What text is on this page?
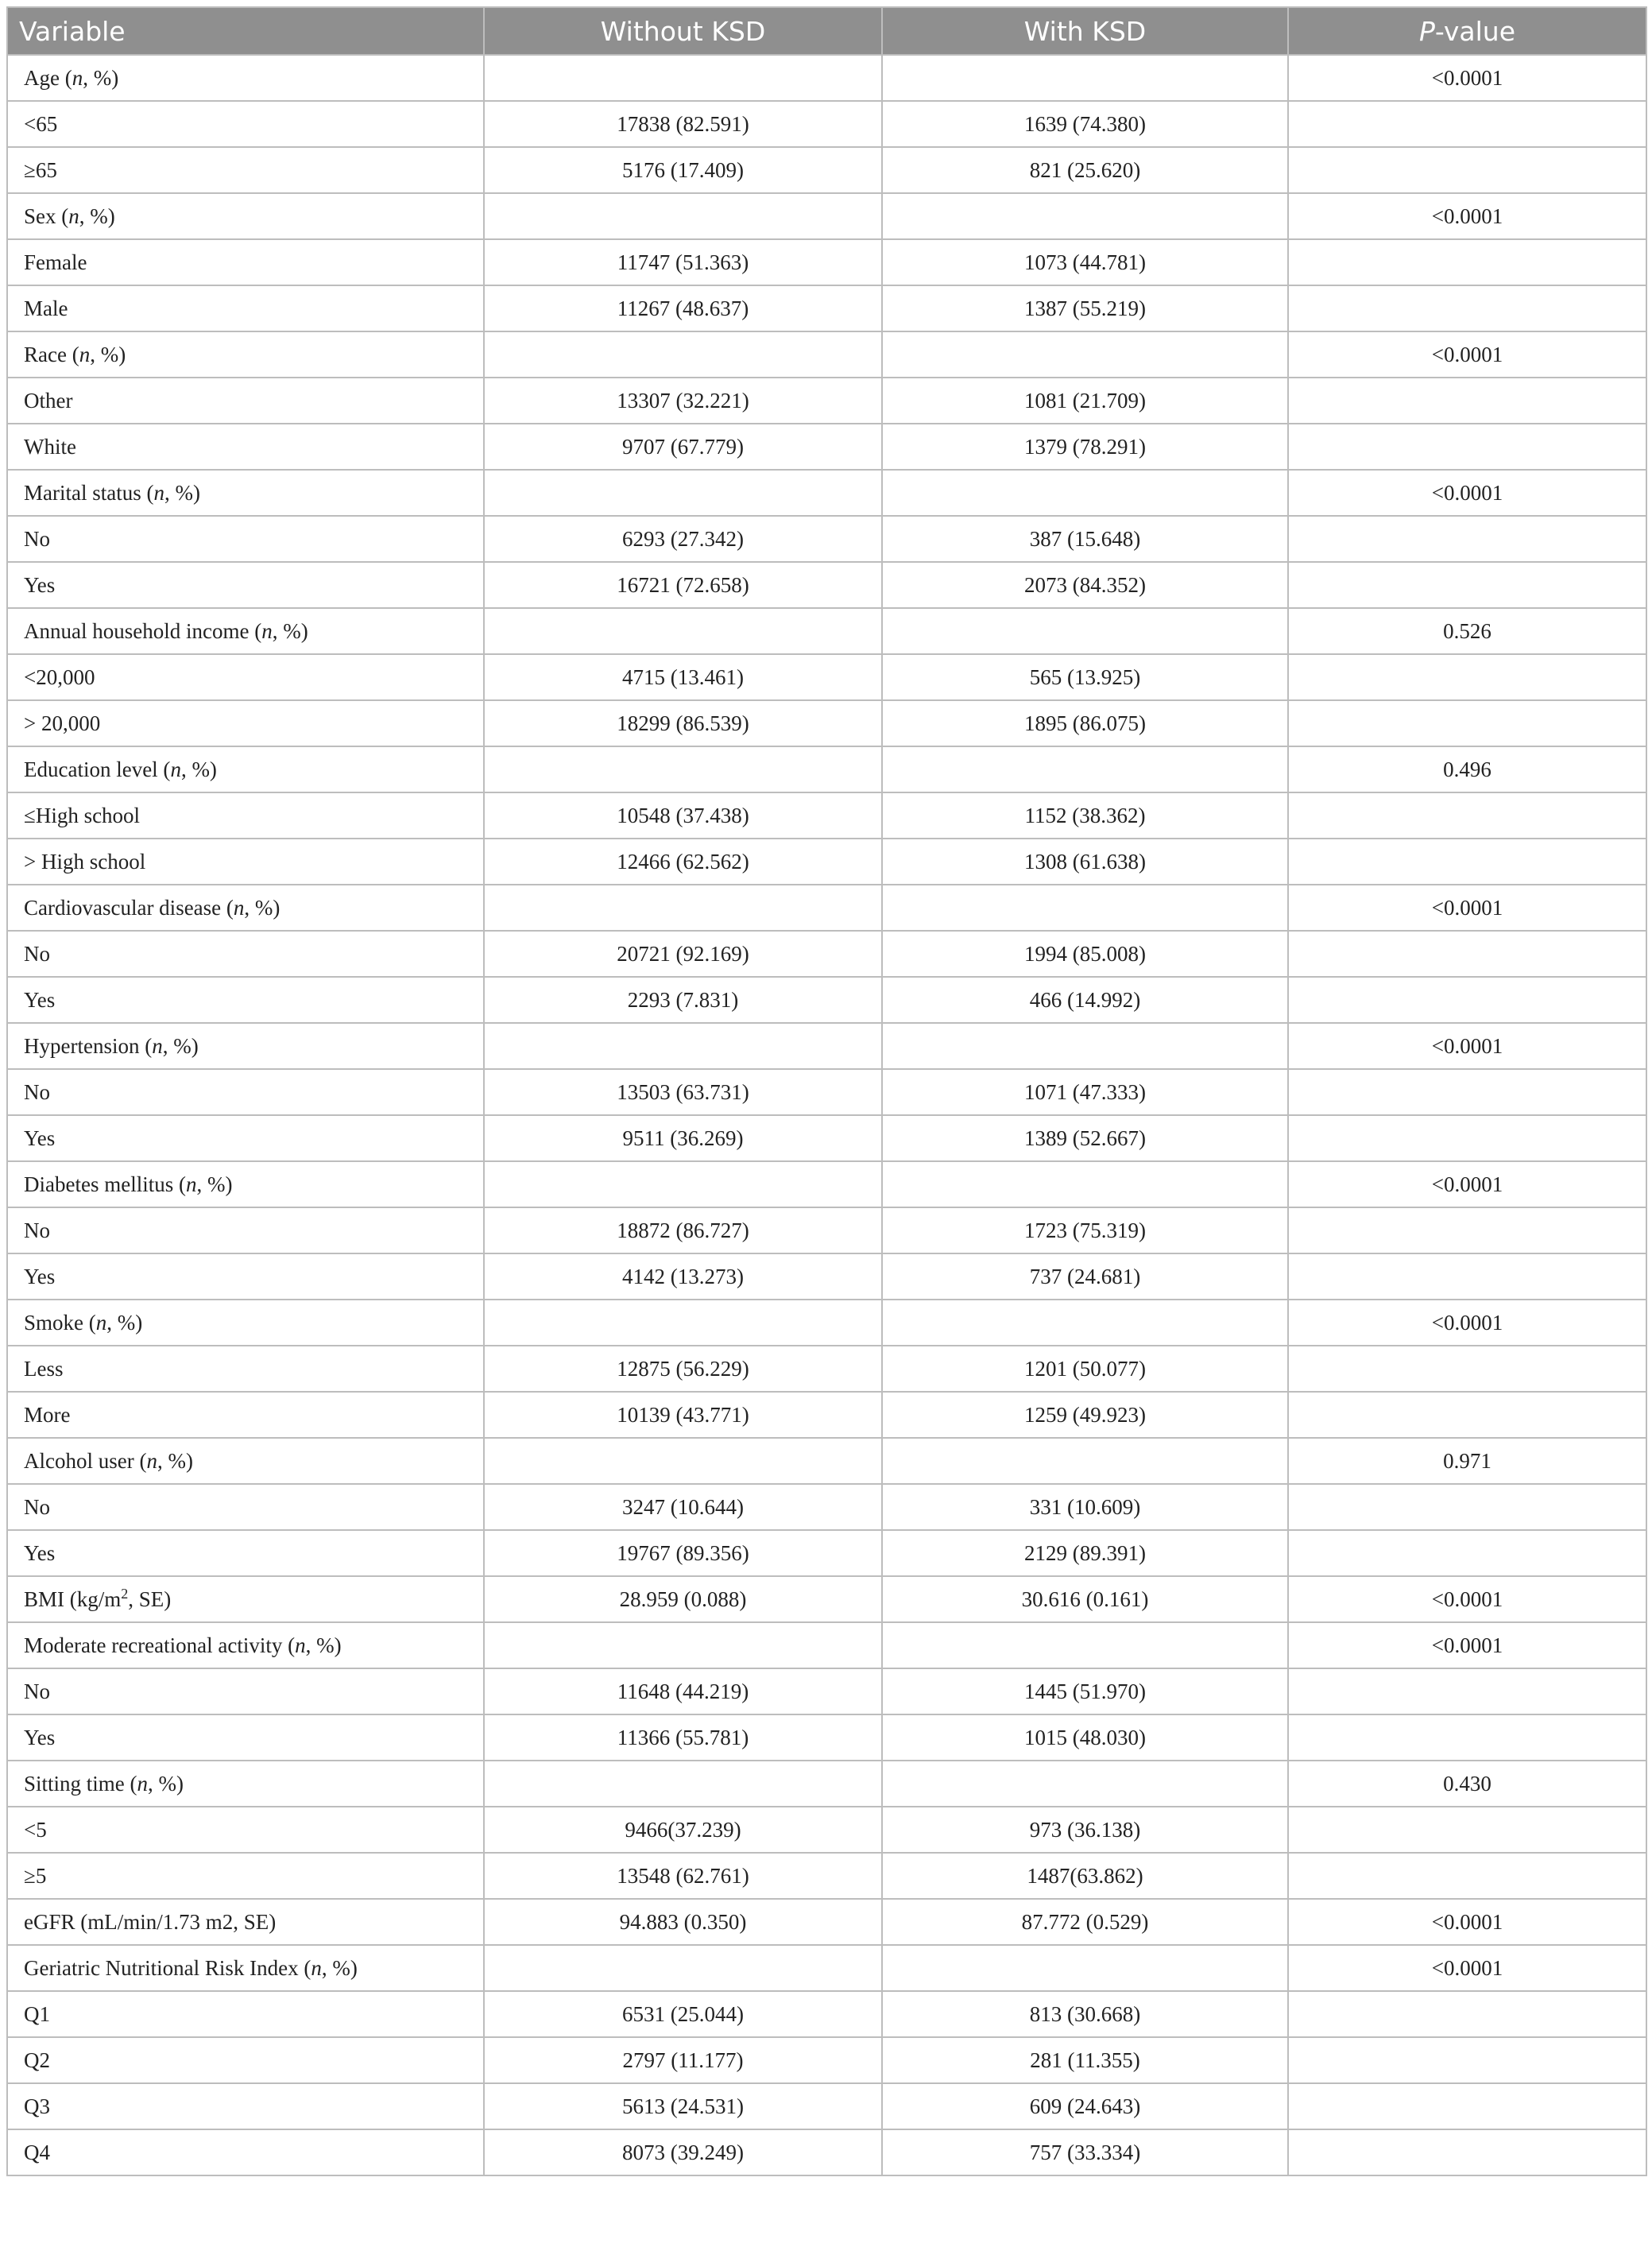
Variable	Without KSD	With KSD	P-value
Age (n, %)			<0.0001
<65	17838 (82.591)	1639 (74.380)	
≥65	5176 (17.409)	821 (25.620)	
Sex (n, %)			<0.0001
Female	11747 (51.363)	1073 (44.781)	
Male	11267 (48.637)	1387 (55.219)	
Race (n, %)			<0.0001
Other	13307 (32.221)	1081 (21.709)	
White	9707 (67.779)	1379 (78.291)	
Marital status (n, %)			<0.0001
No	6293 (27.342)	387 (15.648)	
Yes	16721 (72.658)	2073 (84.352)	
Annual household income (n, %)			0.526
<20,000	4715 (13.461)	565 (13.925)	
> 20,000	18299 (86.539)	1895 (86.075)	
Education level (n, %)			0.496
≤High school	10548 (37.438)	1152 (38.362)	
> High school	12466 (62.562)	1308 (61.638)	
Cardiovascular disease (n, %)			<0.0001
No	20721 (92.169)	1994 (85.008)	
Yes	2293 (7.831)	466 (14.992)	
Hypertension (n, %)			<0.0001
No	13503 (63.731)	1071 (47.333)	
Yes	9511 (36.269)	1389 (52.667)	
Diabetes mellitus (n, %)			<0.0001
No	18872 (86.727)	1723 (75.319)	
Yes	4142 (13.273)	737 (24.681)	
Smoke (n, %)			<0.0001
Less	12875 (56.229)	1201 (50.077)	
More	10139 (43.771)	1259 (49.923)	
Alcohol user (n, %)			0.971
No	3247 (10.644)	331 (10.609)	
Yes	19767 (89.356)	2129 (89.391)	
BMI ($kg/m^2$, SE)	28.959 (0.088)	30.616 (0.161)	<0.0001
Moderate recreational activity (n, %)			<0.0001
No	11648 (44.219)	1445 (51.970)	
Yes	11366 (55.781)	1015 (48.030)	
Sitting time (n, %)			0.430
<5	9466(37.239)	973 (36.138)	
≥5	13548 (62.761)	1487(63.862)	
eGFR (mL/min/1.73 m2, SE)	94.883 (0.350)	87.772 (0.529)	<0.0001
Geriatric Nutritional Risk Index (n, %)			<0.0001
Q1	6531 (25.044)	813 (30.668)	
Q2	2797 (11.177)	281 (11.355)	
Q3	5613 (24.531)	609 (24.643)	
Q4	8073 (39.249)	757 (33.334)	
